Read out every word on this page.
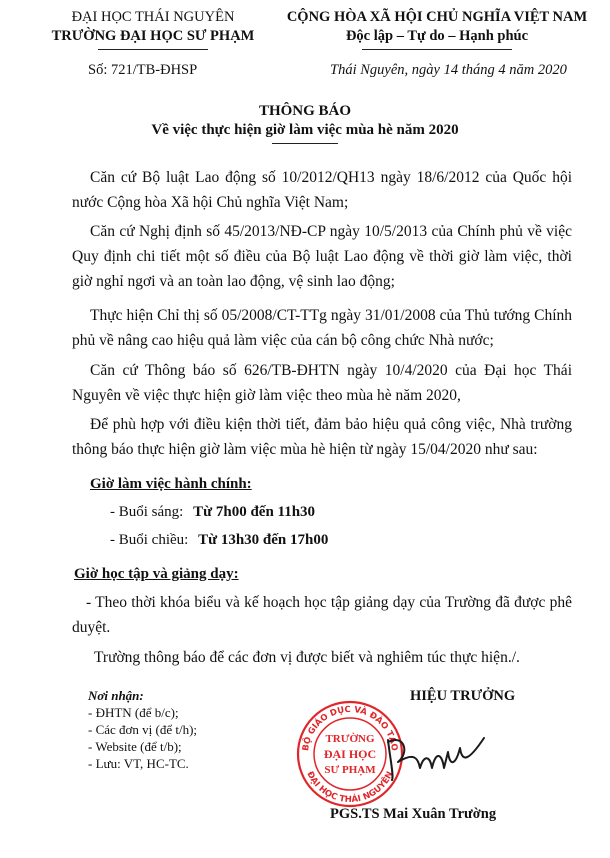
ĐẠI HỌC THÁI NGUYÊN
TRƯỜNG ĐẠI HỌC SƯ PHẠM
CỘNG HÒA XÃ HỘI CHỦ NGHĨA VIỆT NAM
Độc lập – Tự do – Hạnh phúc
Số: 721/TB-ĐHSP	Thái Nguyên, ngày 14 tháng 4 năm 2020
THÔNG BÁO
Về việc thực hiện giờ làm việc mùa hè năm 2020
Căn cứ Bộ luật Lao động số 10/2012/QH13 ngày 18/6/2012 của Quốc hội nước Cộng hòa Xã hội Chủ nghĩa Việt Nam;
Căn cứ Nghị định số 45/2013/NĐ-CP ngày 10/5/2013 của Chính phủ về việc Quy định chi tiết một số điều của Bộ luật Lao động về thời giờ làm việc, thời giờ nghỉ ngơi và an toàn lao động, vệ sinh lao động;
Thực hiện Chỉ thị số 05/2008/CT-TTg ngày 31/01/2008 của Thủ tướng Chính phủ về nâng cao hiệu quả làm việc của cán bộ công chức Nhà nước;
Căn cứ Thông báo số 626/TB-ĐHTN ngày 10/4/2020 của Đại học Thái Nguyên về việc thực hiện giờ làm việc theo mùa hè năm 2020,
Để phù hợp với điều kiện thời tiết, đảm bảo hiệu quả công việc, Nhà trường thông báo thực hiện giờ làm việc mùa hè hiện từ ngày 15/04/2020 như sau:
Giờ làm việc hành chính:
- Buổi sáng: Từ 7h00 đến 11h30
- Buổi chiều: Từ 13h30 đến 17h00
Giờ học tập và giảng dạy:
- Theo thời khóa biểu và kế hoạch học tập giảng dạy của Trường đã được phê duyệt.
Trường thông báo để các đơn vị được biết và nghiêm túc thực hiện./.
Nơi nhận:
- ĐHTN (để b/c);
- Các đơn vị (để t/h);
- Website (để t/b);
- Lưu: VT, HC-TC.
HIỆU TRƯỞNG
BỘ GIÁO DỤC VÀ ĐÀO TẠO
ĐẠI HỌC THÁI NGUYÊN
TRƯỜNG
ĐẠI HỌC
SƯ PHẠM
PGS.TS Mai Xuân Trường
